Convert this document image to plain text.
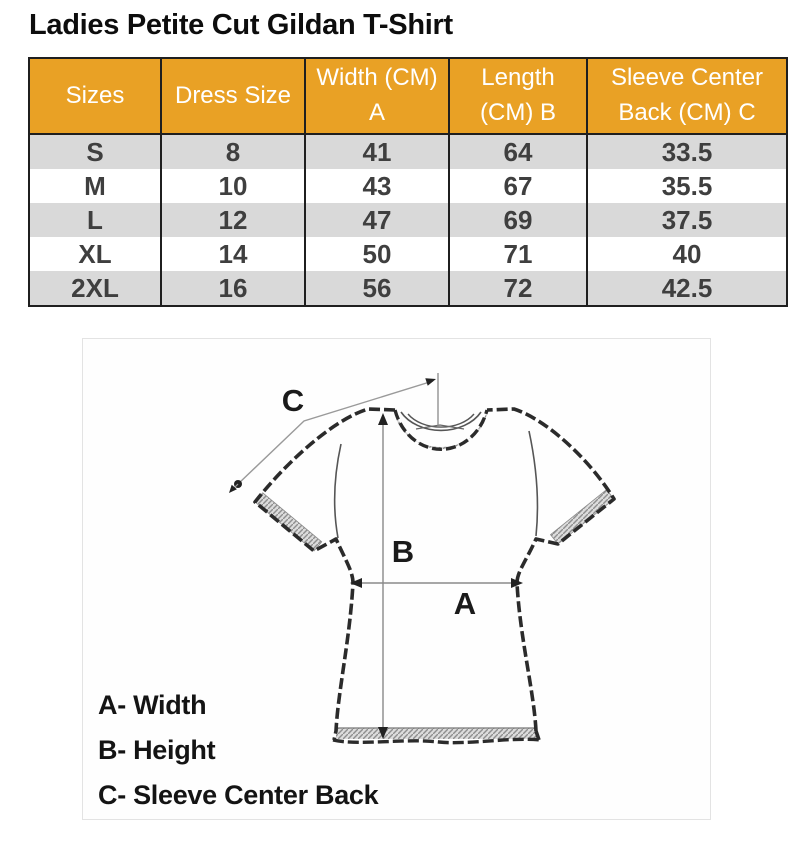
Ladies Petite Cut Gildan T-Shirt
Sizes	Dress Size	Width (CM) A	Length (CM) B	Sleeve Center Back (CM) C
S	8	41	64	33.5
M	10	43	67	35.5
L	12	47	69	37.5
XL	14	50	71	40
2XL	16	56	72	42.5
C
B
A
A- Width
B- Height
C- Sleeve Center Back
